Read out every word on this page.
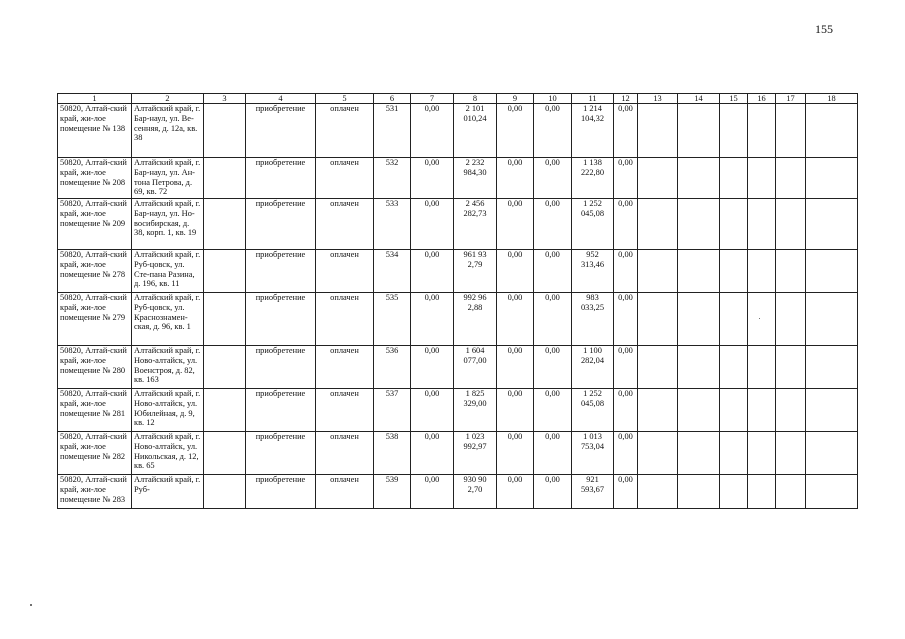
155
1	2	3	4	5	6	7	8	9	10	11	12	13	14	15	16	17	18
50820, Алтай-ский край, жи-лое помещение № 138	Алтайский край, г. Бар-наул, ул. Ве-сенняя, д. 12а, кв. 38		приобретение	оплачен	531	0,00	2 101 010,24	0,00	0,00	1 214 104,32	0,00						
50820, Алтай-ский край, жи-лое помещение № 208	Алтайский край, г. Бар-наул, ул. Ан-тона Петрова, д. 69, кв. 72		приобретение	оплачен	532	0,00	2 232 984,30	0,00	0,00	1 138 222,80	0,00						
50820, Алтай-ский край, жи-лое помещение № 209	Алтайский край, г. Бар-наул, ул. Но-восибирская, д. 38, корп. 1, кв. 19		приобретение	оплачен	533	0,00	2 456 282,73	0,00	0,00	1 252 045,08	0,00						
50820, Алтай-ский край, жи-лое помещение № 278	Алтайский край, г. Руб-цовск, ул. Сте-пана Разина, д. 196, кв. 11		приобретение	оплачен	534	0,00	961 93 2,79	0,00	0,00	952 313,46	0,00						
50820, Алтай-ский край, жи-лое помещение № 279	Алтайский край, г. Руб-цовск, ул. Краснознамен-ская, д. 96, кв. 1		приобретение	оплачен	535	0,00	992 96 2,88	0,00	0,00	983 033,25	0,00						
50820, Алтай-ский край, жи-лое помещение № 280	Алтайский край, г. Ново-алтайск, ул. Военстроя, д. 82, кв. 163		приобретение	оплачен	536	0,00	1 604 077,00	0,00	0,00	1 100 282,04	0,00						
50820, Алтай-ский край, жи-лое помещение № 281	Алтайский край, г. Ново-алтайск, ул. Юбилейная, д. 9, кв. 12		приобретение	оплачен	537	0,00	1 825 329,00	0,00	0,00	1 252 045,08	0,00						
50820, Алтай-ский край, жи-лое помещение № 282	Алтайский край, г. Ново-алтайск, ул. Никольская, д. 12, кв. 65		приобретение	оплачен	538	0,00	1 023 992,97	0,00	0,00	1 013 753,04	0,00						
50820, Алтай-ский край, жи-лое помещение № 283	Алтайский край, г. Руб-		приобретение	оплачен	539	0,00	930 90 2,70	0,00	0,00	921 593,67	0,00						
